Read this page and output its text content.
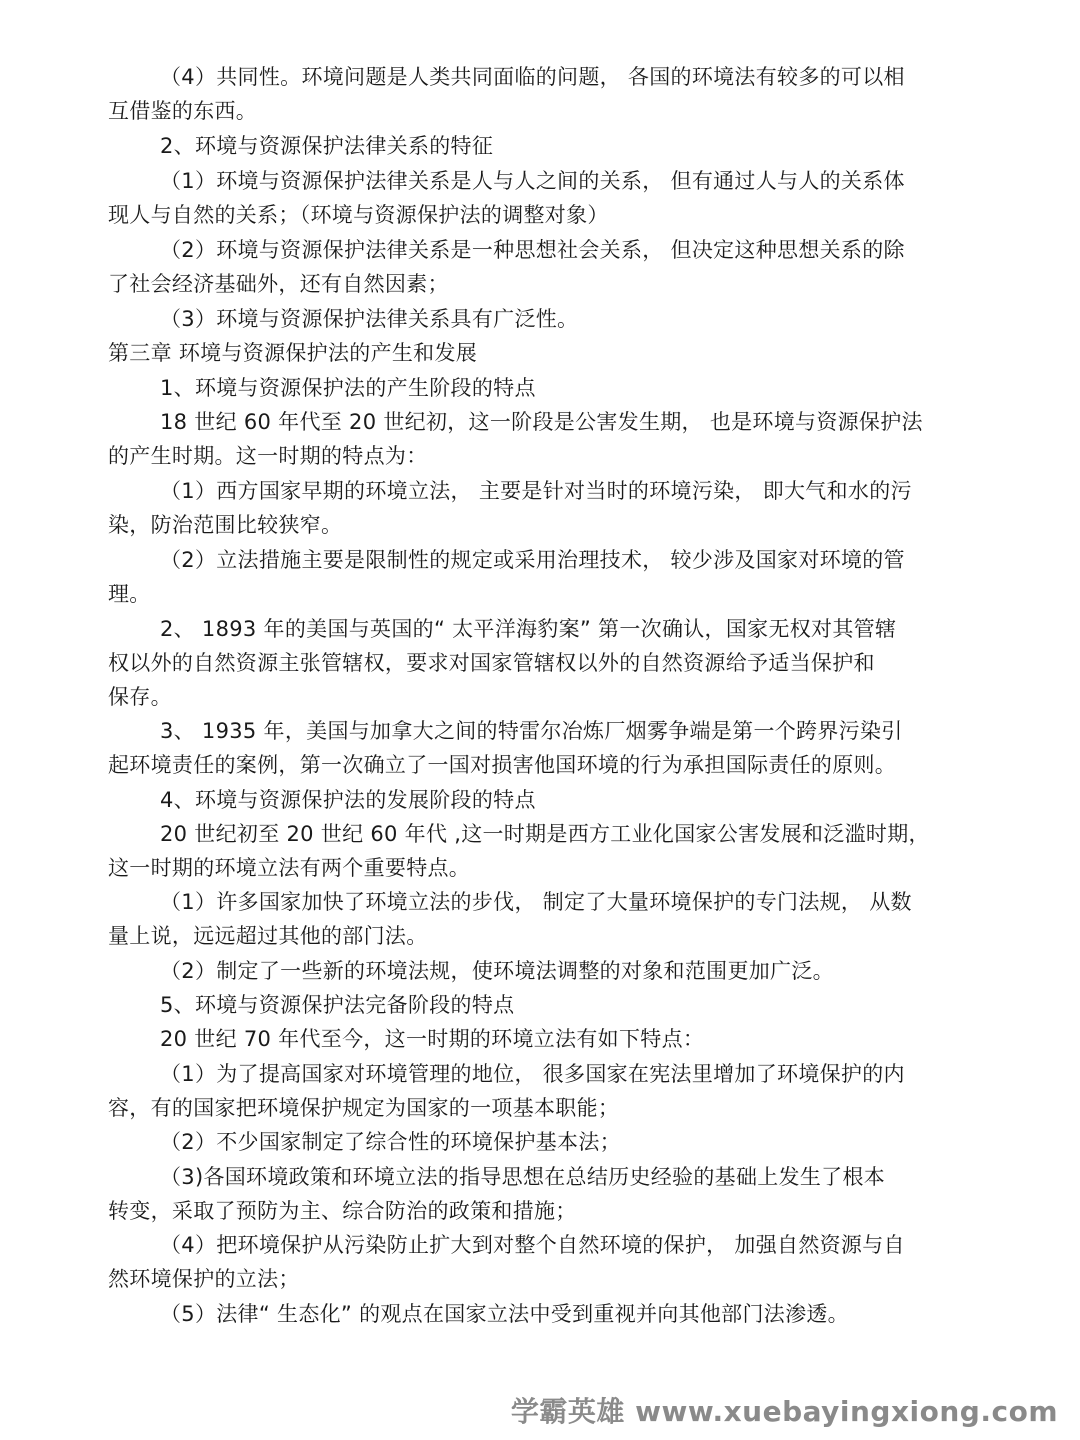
（4）共同性。环境问题是人类共同面临的问题， 各国的环境法有较多的可以相
互借鉴的东西。
2、环境与资源保护法律关系的特征
（1）环境与资源保护法律关系是人与人之间的关系， 但有通过人与人的关系体
现人与自然的关系；（环境与资源保护法的调整对象）
（2）环境与资源保护法律关系是一种思想社会关系， 但决定这种思想关系的除
了社会经济基础外，还有自然因素；
（3）环境与资源保护法律关系具有广泛性。
第三章 环境与资源保护法的产生和发展
1、环境与资源保护法的产生阶段的特点
18 世纪 60 年代至 20 世纪初，这一阶段是公害发生期， 也是环境与资源保护法
的产生时期。这一时期的特点为：
（1）西方国家早期的环境立法， 主要是针对当时的环境污染， 即大气和水的污
染，防治范围比较狭窄。
（2）立法措施主要是限制性的规定或采用治理技术， 较少涉及国家对环境的管
理。
2、 1893 年的美国与英国的“ 太平洋海豹案” 第一次确认，国家无权对其管辖
权以外的自然资源主张管辖权，要求对国家管辖权以外的自然资源给予适当保护和
保存。
3、 1935 年，美国与加拿大之间的特雷尔冶炼厂烟雾争端是第一个跨界污染引
起环境责任的案例，第一次确立了一国对损害他国环境的行为承担国际责任的原则。
4、环境与资源保护法的发展阶段的特点
20 世纪初至 20 世纪 60 年代 ,这一时期是西方工业化国家公害发展和泛滥时期，
这一时期的环境立法有两个重要特点。
（1）许多国家加快了环境立法的步伐， 制定了大量环境保护的专门法规， 从数
量上说，远远超过其他的部门法。
（2）制定了一些新的环境法规，使环境法调整的对象和范围更加广泛。
5、环境与资源保护法完备阶段的特点
20 世纪 70 年代至今，这一时期的环境立法有如下特点：
（1）为了提高国家对环境管理的地位， 很多国家在宪法里增加了环境保护的内
容，有的国家把环境保护规定为国家的一项基本职能；
（2）不少国家制定了综合性的环境保护基本法；
（3)各国环境政策和环境立法的指导思想在总结历史经验的基础上发生了根本
转变，采取了预防为主、综合防治的政策和措施；
（4）把环境保护从污染防止扩大到对整个自然环境的保护， 加强自然资源与自
然环境保护的立法；
（5）法律“ 生态化” 的观点在国家立法中受到重视并向其他部门法渗透。
学霸英雄 www.xuebayingxiong.com
